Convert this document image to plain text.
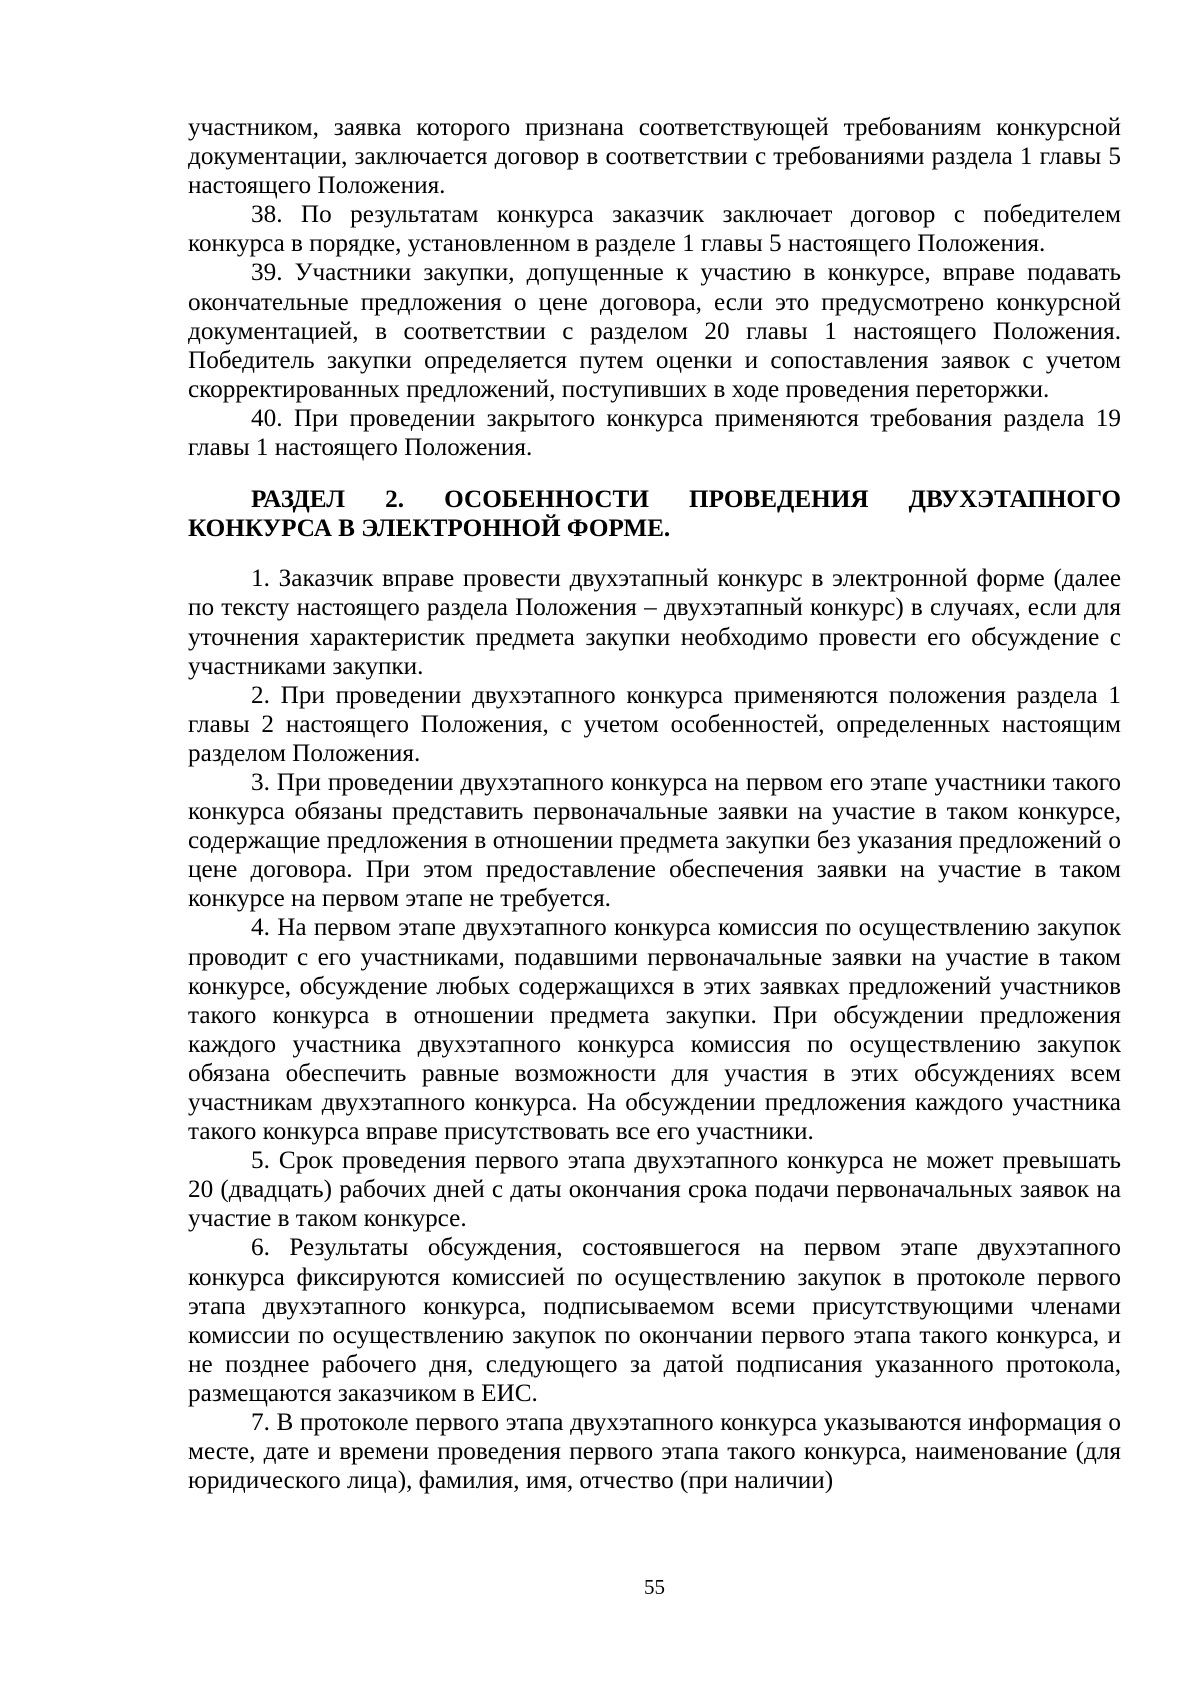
участником, заявка которого признана соответствующей требованиям конкурсной документации, заключается договор в соответствии с требованиями раздела 1 главы 5 настоящего Положения.

38. По результатам конкурса заказчик заключает договор с победителем конкурса в порядке, установленном в разделе 1 главы 5 настоящего Положения.

39. Участники закупки, допущенные к участию в конкурсе, вправе подавать окончательные предложения о цене договора, если это предусмотрено конкурсной документацией, в соответствии с разделом 20 главы 1 настоящего Положения. Победитель закупки определяется путем оценки и сопоставления заявок с учетом скорректированных предложений, поступивших в ходе проведения переторжки.

40. При проведении закрытого конкурса применяются требования раздела 19 главы 1 настоящего Положения.

РАЗДЕЛ 2. ОСОБЕННОСТИ ПРОВЕДЕНИЯ ДВУХЭТАПНОГО КОНКУРСА В ЭЛЕКТРОННОЙ ФОРМЕ.

1. Заказчик вправе провести двухэтапный конкурс в электронной форме (далее по тексту настоящего раздела Положения – двухэтапный конкурс) в случаях, если для уточнения характеристик предмета закупки необходимо провести его обсуждение с участниками закупки.

2. При проведении двухэтапного конкурса применяются положения раздела 1 главы 2 настоящего Положения, с учетом особенностей, определенных настоящим разделом Положения.

3. При проведении двухэтапного конкурса на первом его этапе участники такого конкурса обязаны представить первоначальные заявки на участие в таком конкурсе, содержащие предложения в отношении предмета закупки без указания предложений о цене договора. При этом предоставление обеспечения заявки на участие в таком конкурсе на первом этапе не требуется.

4. На первом этапе двухэтапного конкурса комиссия по осуществлению закупок проводит с его участниками, подавшими первоначальные заявки на участие в таком конкурсе, обсуждение любых содержащихся в этих заявках предложений участников такого конкурса в отношении предмета закупки. При обсуждении предложения каждого участника двухэтапного конкурса комиссия по осуществлению закупок обязана обеспечить равные возможности для участия в этих обсуждениях всем участникам двухэтапного конкурса. На обсуждении предложения каждого участника такого конкурса вправе присутствовать все его участники.

5. Срок проведения первого этапа двухэтапного конкурса не может превышать 20 (двадцать) рабочих дней с даты окончания срока подачи первоначальных заявок на участие в таком конкурсе.

6. Результаты обсуждения, состоявшегося на первом этапе двухэтапного конкурса фиксируются комиссией по осуществлению закупок в протоколе первого этапа двухэтапного конкурса, подписываемом всеми присутствующими членами комиссии по осуществлению закупок по окончании первого этапа такого конкурса, и не позднее рабочего дня, следующего за датой подписания указанного протокола, размещаются заказчиком в ЕИС.

7. В протоколе первого этапа двухэтапного конкурса указываются информация о месте, дате и времени проведения первого этапа такого конкурса, наименование (для юридического лица), фамилия, имя, отчество (при наличии)

55
